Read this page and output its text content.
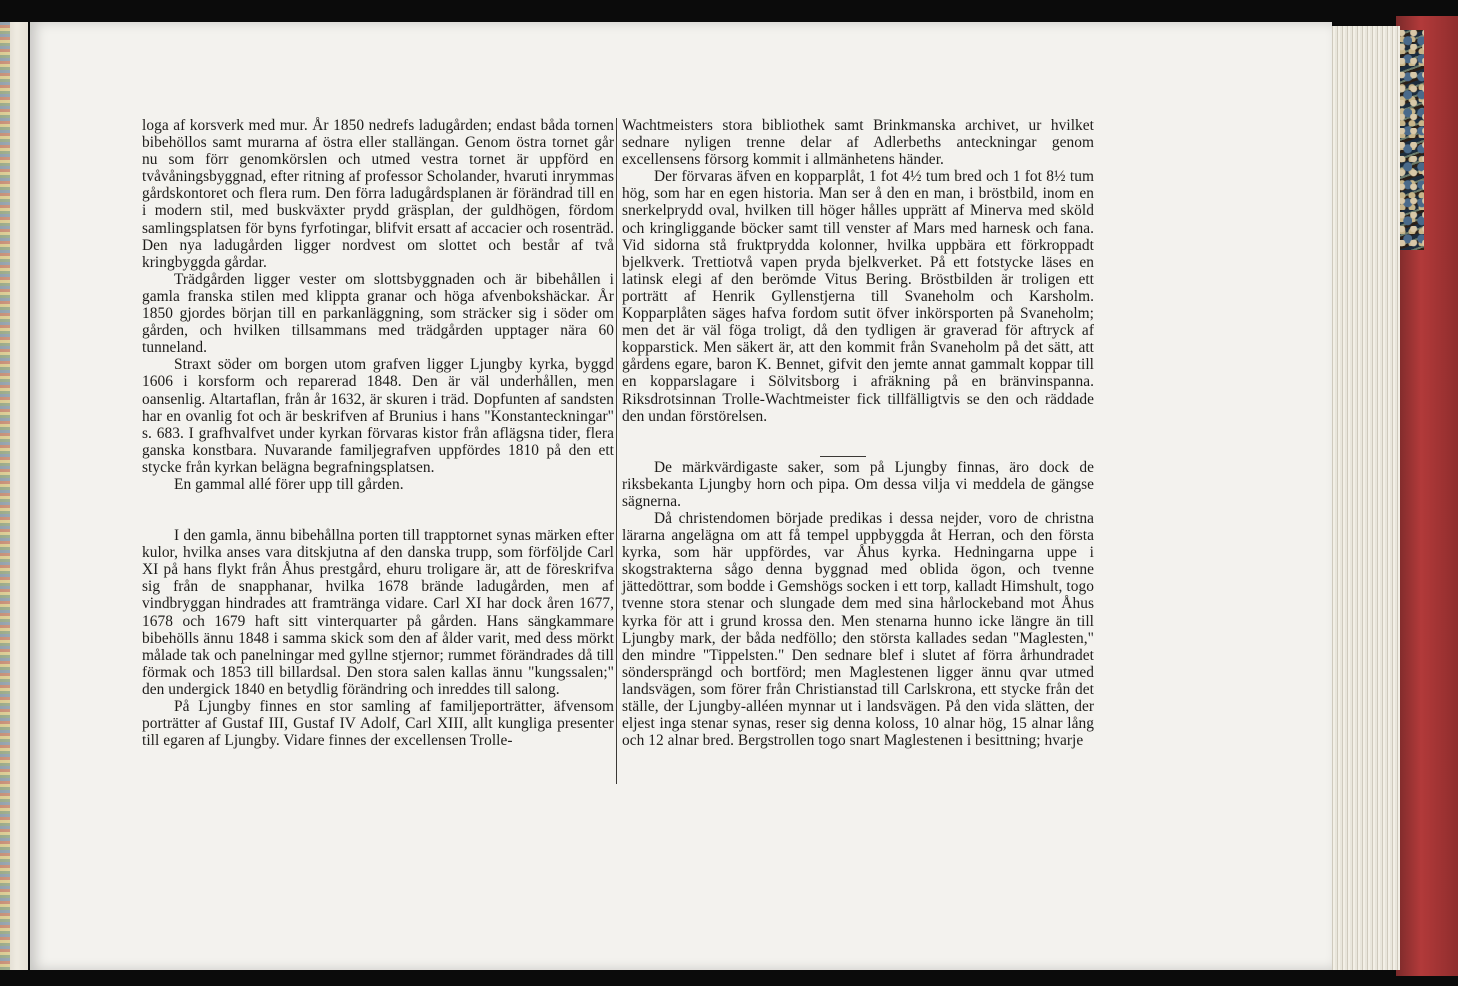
loga af korsverk med mur. År 1850 nedrefs ladugården; endast båda tornen bibehöllos samt murarna af östra eller stallängan. Genom östra tornet går nu som förr genomkörslen och utmed vestra tornet är uppförd en tvåvåningsbyggnad, efter ritning af professor Scholander, hvaruti inrymmas gårdskontoret och flera rum. Den förra ladugårdsplanen är förändrad till en i modern stil, med buskväxter prydd gräsplan, der guldhögen, fördom samlingsplatsen för byns fyrfotingar, blifvit ersatt af accacier och rosenträd. Den nya ladugården ligger nordvest om slottet och består af två kringbyggda gårdar.

Trädgården ligger vester om slottsbyggnaden och är bibehållen i gamla franska stilen med klippta granar och höga afvenbokshäckar. År 1850 gjordes början till en parkanläggning, som sträcker sig i söder om gården, och hvilken tillsammans med trädgården upptager nära 60 tunneland.

Straxt söder om borgen utom grafven ligger Ljungby kyrka, byggd 1606 i korsform och reparerad 1848. Den är väl underhållen, men oansenlig. Altartaflan, från år 1632, är skuren i träd. Dopfunten af sandsten har en ovanlig fot och är beskrifven af Brunius i hans "Konstanteckningar" s. 683. I grafhvalfvet under kyrkan förvaras kistor från aflägsna tider, flera ganska konstbara. Nuvarande familjegrafven uppfördes 1810 på den ett stycke från kyrkan belägna begrafningsplatsen.

En gammal allé förer upp till gården.

I den gamla, ännu bibehållna porten till trapptornet synas märken efter kulor, hvilka anses vara ditskjutna af den danska trupp, som förföljde Carl XI på hans flykt från Åhus prestgård, ehuru troligare är, att de föreskrifva sig från de snapphanar, hvilka 1678 brände ladugården, men af vindbryggan hindrades att framtränga vidare. Carl XI har dock åren 1677, 1678 och 1679 haft sitt vinterquarter på gården. Hans sängkammare bibehölls ännu 1848 i samma skick som den af ålder varit, med dess mörkt målade tak och panelningar med gyllne stjernor; rummet förändrades då till förmak och 1853 till billardsal. Den stora salen kallas ännu "kungssalen;" den undergick 1840 en betydlig förändring och inreddes till salong.

På Ljungby finnes en stor samling af familjeporträtter, äfvensom porträtter af Gustaf III, Gustaf IV Adolf, Carl XIII, allt kungliga presenter till egaren af Ljungby. Vidare finnes der excellensen Trolle-

Wachtmeisters stora bibliothek samt Brinkmanska archivet, ur hvilket sednare nyligen trenne delar af Adlerbeths anteckningar genom excellensens försorg kommit i allmänhetens händer.

Der förvaras äfven en kopparplåt, 1 fot 4½ tum bred och 1 fot 8½ tum hög, som har en egen historia. Man ser å den en man, i bröstbild, inom en snerkelprydd oval, hvilken till höger hålles upprätt af Minerva med sköld och kringliggande böcker samt till venster af Mars med harnesk och fana. Vid sidorna stå fruktprydda kolonner, hvilka uppbära ett förkroppadt bjelkverk. Trettiotvå vapen pryda bjelkverket. På ett fotstycke läses en latinsk elegi af den berömde Vitus Bering. Bröstbilden är troligen ett porträtt af Henrik Gyllenstjerna till Svaneholm och Karsholm. Kopparplåten säges hafva fordom sutit öfver inkörsporten på Svaneholm; men det är väl föga troligt, då den tydligen är graverad för aftryck af kopparstick. Men säkert är, att den kommit från Svaneholm på det sätt, att gårdens egare, baron K. Bennet, gifvit den jemte annat gammalt koppar till en kopparslagare i Sölvitsborg i afräkning på en bränvinspanna. Riksdrotsinnan Trolle-Wachtmeister fick tillfälligtvis se den och räddade den undan förstörelsen.

De märkvärdigaste saker, som på Ljungby finnas, äro dock de riksbekanta Ljungby horn och pipa. Om dessa vilja vi meddela de gängse sägnerna.

Då christendomen började predikas i dessa nejder, voro de christna lärarna angelägna om att få tempel uppbyggda åt Herran, och den första kyrka, som här uppfördes, var Åhus kyrka. Hedningarna uppe i skogstrakterna sågo denna byggnad med oblida ögon, och tvenne jättedöttrar, som bodde i Gemshögs socken i ett torp, kalladt Himshult, togo tvenne stora stenar och slungade dem med sina hårlockeband mot Åhus kyrka för att i grund krossa den. Men stenarna hunno icke längre än till Ljungby mark, der båda nedföllo; den största kallades sedan "Maglesten," den mindre "Tippelsten." Den sednare blef i slutet af förra århundradet söndersprängd och bortförd; men Maglestenen ligger ännu qvar utmed landsvägen, som förer från Christianstad till Carlskrona, ett stycke från det ställe, der Ljungby-alléen mynnar ut i landsvägen. På den vida slätten, der eljest inga stenar synas, reser sig denna koloss, 10 alnar hög, 15 alnar lång och 12 alnar bred. Bergstrollen togo snart Maglestenen i besittning; hvarje
